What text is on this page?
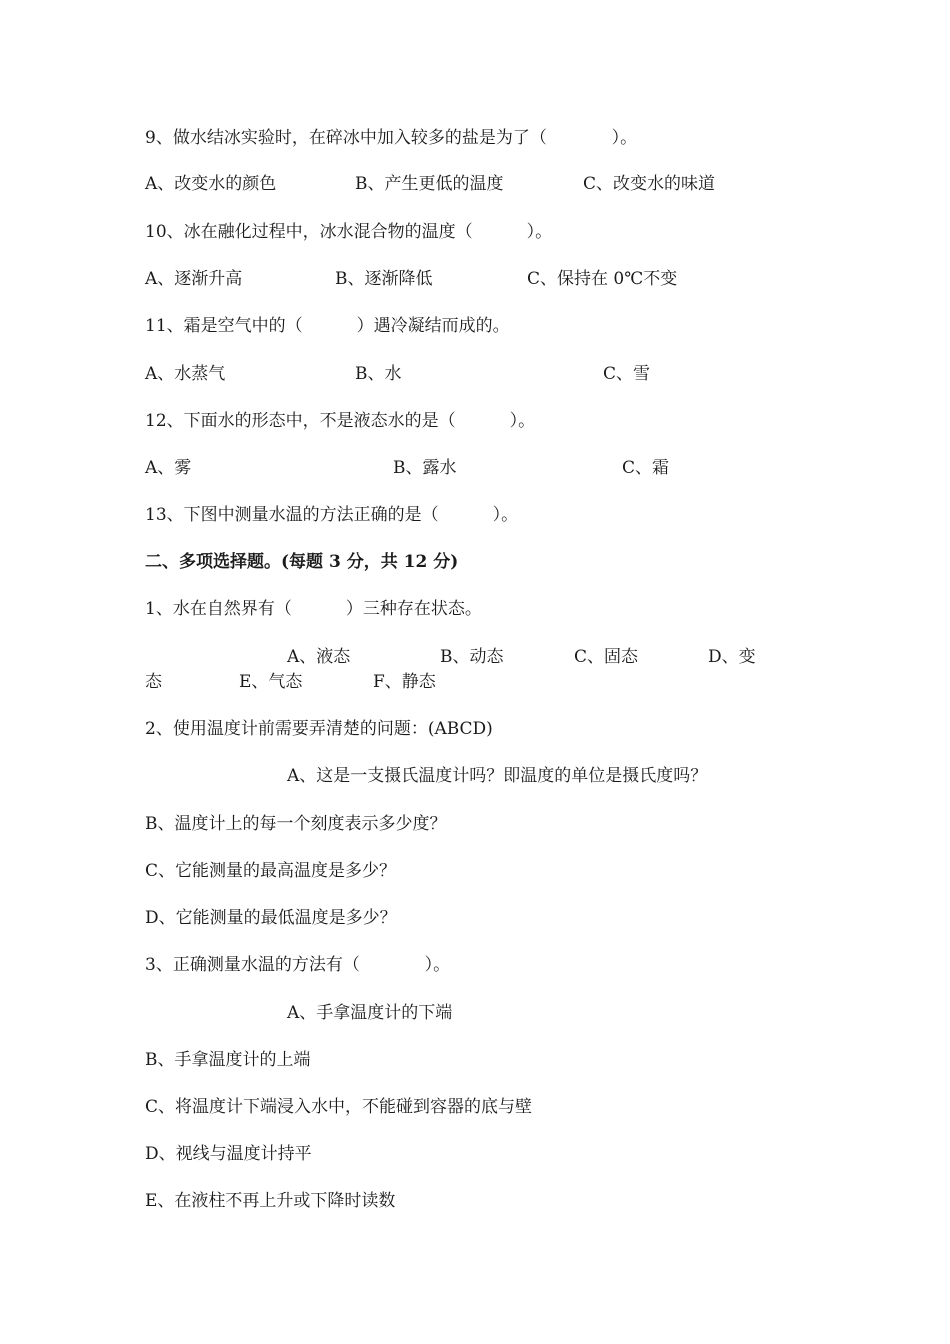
9、做水结冰实验时，在碎冰中加入较多的盐是为了（            ）。
A、改变水的颜色	B、产生更低的温度	C、改变水的味道
10、冰在融化过程中，冰水混合物的温度（          ）。
A、逐渐升高	B、逐渐降低	C、保持在 0℃不变
11、霜是空气中的（          ）遇冷凝结而成的。
A、水蒸气	B、水	C、雪
12、下面水的形态中，不是液态水的是（          ）。
A、雾	B、露水	C、霜
13、下图中测量水温的方法正确的是（          ）。
二、多项选择题。(每题 3 分，共 12 分)
1、水在自然界有（          ）三种存在状态。
A、液态	B、动态	C、固态	D、变
态	E、气态	F、静态
2、使用温度计前需要弄清楚的问题：(ABCD)
A、这是一支摄氏温度计吗？即温度的单位是摄氏度吗？
B、温度计上的每一个刻度表示多少度？
C、它能测量的最高温度是多少？
D、它能测量的最低温度是多少？
3、正确测量水温的方法有（            ）。
A、手拿温度计的下端
B、手拿温度计的上端
C、将温度计下端浸入水中，不能碰到容器的底与壁
D、视线与温度计持平
E、在液柱不再上升或下降时读数
